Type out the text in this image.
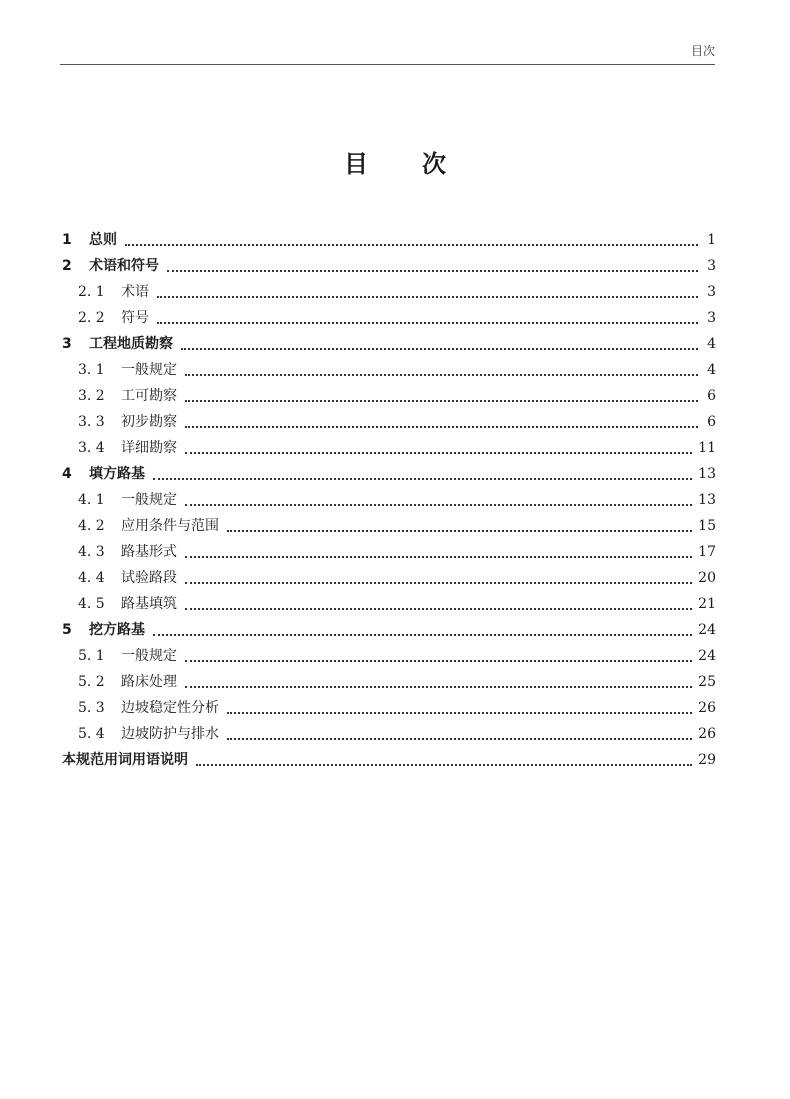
目次
目 次
1	总则	1
2	术语和符号	3
2. 1	术语	3
2. 2	符号	3
3	工程地质勘察	4
3. 1	一般规定	4
3. 2	工可勘察	6
3. 3	初步勘察	6
3. 4	详细勘察	11
4	填方路基	13
4. 1	一般规定	13
4. 2	应用条件与范围	15
4. 3	路基形式	17
4. 4	试验路段	20
4. 5	路基填筑	21
5	挖方路基	24
5. 1	一般规定	24
5. 2	路床处理	25
5. 3	边坡稳定性分析	26
5. 4	边坡防护与排水	26
本规范用词用语说明	29
